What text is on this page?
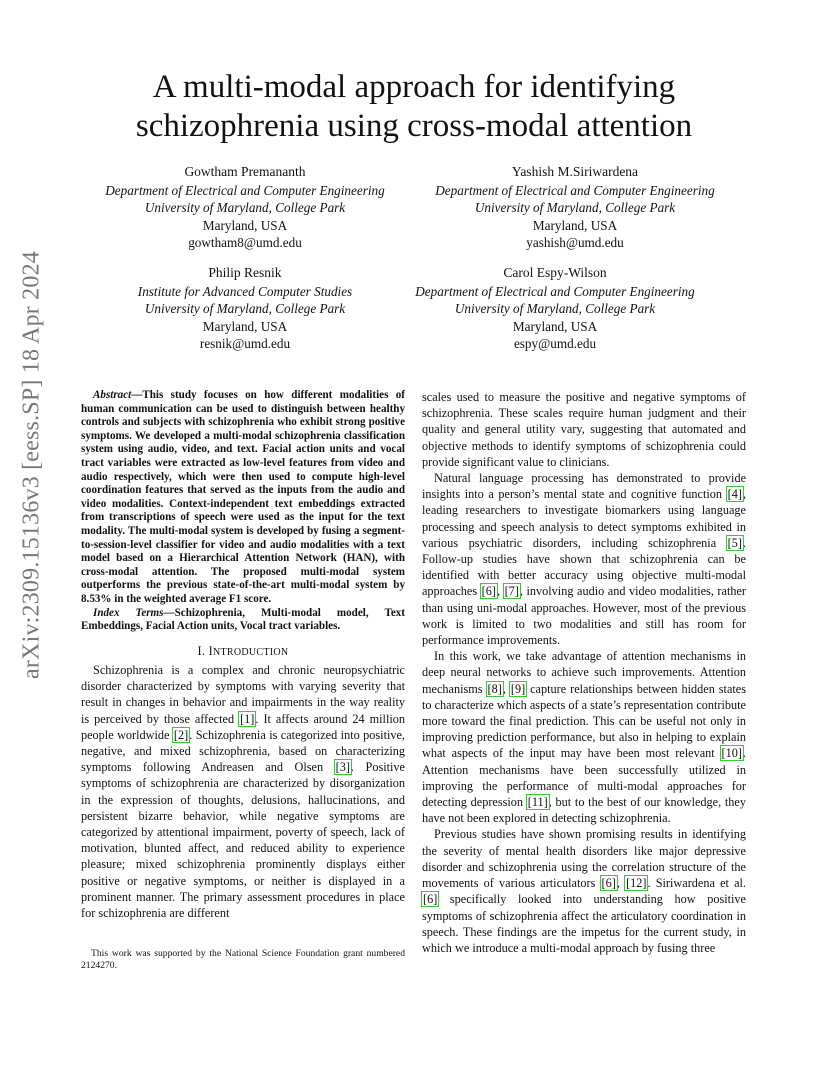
arXiv:2309.15136v3 [eess.SP] 18 Apr 2024
A multi-modal approach for identifying
schizophrenia using cross-modal attention
Gowtham Premananth
Department of Electrical and Computer Engineering
University of Maryland, College Park
Maryland, USA
gowtham8@umd.edu
Yashish M.Siriwardena
Department of Electrical and Computer Engineering
University of Maryland, College Park
Maryland, USA
yashish@umd.edu
Philip Resnik
Institute for Advanced Computer Studies
University of Maryland, College Park
Maryland, USA
resnik@umd.edu
Carol Espy-Wilson
Department of Electrical and Computer Engineering
University of Maryland, College Park
Maryland, USA
espy@umd.edu

Abstract—This study focuses on how different modalities of human communication can be used to distinguish between healthy controls and subjects with schizophrenia who exhibit strong positive symptoms. We developed a multi-modal schizophrenia classification system using audio, video, and text. Facial action units and vocal tract variables were extracted as low-level features from video and audio respectively, which were then used to compute high-level coordination features that served as the inputs from the audio and video modalities. Context-independent text embeddings extracted from transcriptions of speech were used as the input for the text modality. The multi-modal system is developed by fusing a segment-to-session-level classifier for video and audio modalities with a text model based on a Hierarchical Attention Network (HAN), with cross-modal attention. The proposed multi-modal system outperforms the previous state-of-the-art multi-modal system by 8.53% in the weighted average F1 score.

Index Terms—Schizophrenia, Multi-modal model, Text Embeddings, Facial Action units, Vocal tract variables.

I. INTRODUCTION

Schizophrenia is a complex and chronic neuropsychiatric disorder characterized by symptoms with varying severity that result in changes in behavior and impairments in the way reality is perceived by those affected [1]. It affects around 24 million people worldwide [2]. Schizophrenia is categorized into positive, negative, and mixed schizophrenia, based on characterizing symptoms following Andreasen and Olsen [3]. Positive symptoms of schizophrenia are characterized by disorganization in the expression of thoughts, delusions, hallucinations, and persistent bizarre behavior, while negative symptoms are categorized by attentional impairment, poverty of speech, lack of motivation, blunted affect, and reduced ability to experience pleasure; mixed schizophrenia prominently displays either positive or negative symptoms, or neither is displayed in a prominent manner. The primary assessment procedures in place for schizophrenia are different

This work was supported by the National Science Foundation grant numbered 2124270.

scales used to measure the positive and negative symptoms of schizophrenia. These scales require human judgment and their quality and general utility vary, suggesting that automated and objective methods to identify symptoms of schizophrenia could provide significant value to clinicians.

Natural language processing has demonstrated to provide insights into a person’s mental state and cognitive function [4], leading researchers to investigate biomarkers using language processing and speech analysis to detect symptoms exhibited in various psychiatric disorders, including schizophrenia [5]. Follow-up studies have shown that schizophrenia can be identified with better accuracy using objective multi-modal approaches [6], [7], involving audio and video modalities, rather than using uni-modal approaches. However, most of the previous work is limited to two modalities and still has room for performance improvements.

In this work, we take advantage of attention mechanisms in deep neural networks to achieve such improvements. Attention mechanisms [8], [9] capture relationships between hidden states to characterize which aspects of a state’s representation contribute more toward the final prediction. This can be useful not only in improving prediction performance, but also in helping to explain what aspects of the input may have been most relevant [10]. Attention mechanisms have been successfully utilized in improving the performance of multi-modal approaches for detecting depression [11], but to the best of our knowledge, they have not been explored in detecting schizophrenia.

Previous studies have shown promising results in identifying the severity of mental health disorders like major depressive disorder and schizophrenia using the correlation structure of the movements of various articulators [6], [12]. Siriwardena et al. [6] specifically looked into understanding how positive symptoms of schizophrenia affect the articulatory coordination in speech. These findings are the impetus for the current study, in which we introduce a multi-modal approach by fusing three
